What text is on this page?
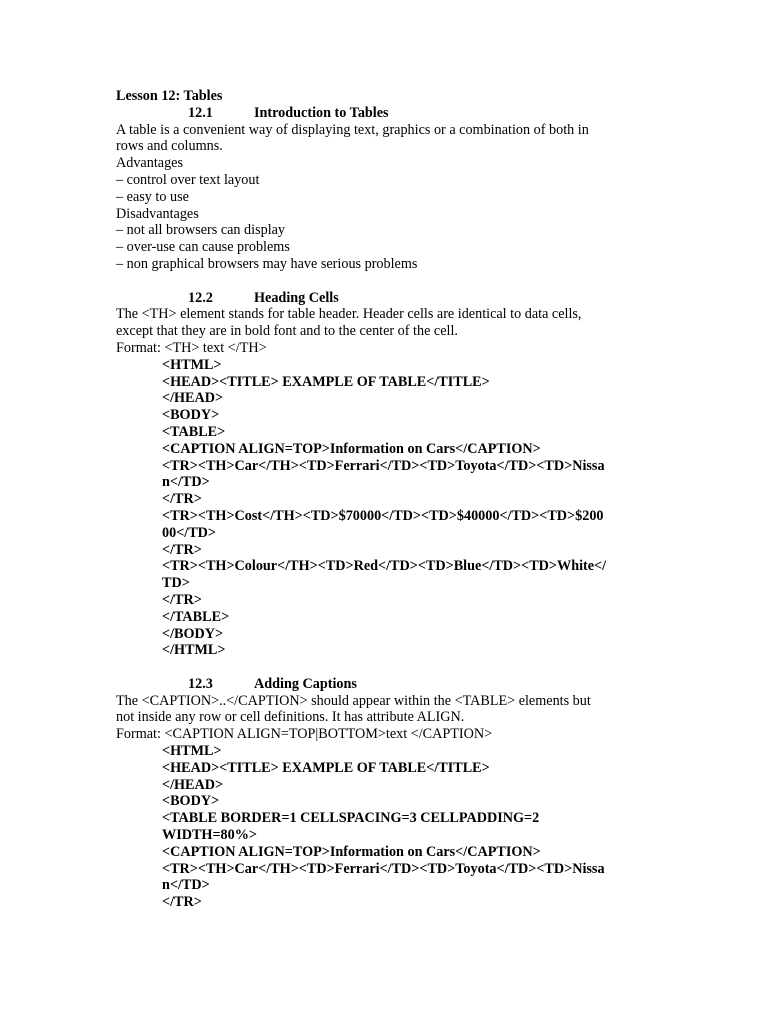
Lesson 12: Tables
12.1	Introduction to Tables
A table is a convenient way of displaying text, graphics or a combination of both in
rows and columns.
Advantages
– control over text layout
– easy to use
Disadvantages
– not all browsers can display
– over-use can cause problems
– non graphical browsers may have serious problems
12.2	Heading Cells
The <TH> element stands for table header. Header cells are identical to data cells,
except that they are in bold font and to the center of the cell.
Format: <TH> text </TH>
<HTML>
<HEAD><TITLE> EXAMPLE OF TABLE</TITLE>
</HEAD>
<BODY>
<TABLE>
<CAPTION ALIGN=TOP>Information on Cars</CAPTION>
<TR><TH>Car</TH><TD>Ferrari</TD><TD>Toyota</TD><TD>Nissa
n</TD>
</TR>
<TR><TH>Cost</TH><TD>$70000</TD><TD>$40000</TD><TD>$200
00</TD>
</TR>
<TR><TH>Colour</TH><TD>Red</TD><TD>Blue</TD><TD>White</
TD>
</TR>
</TABLE>
</BODY>
</HTML>
12.3	Adding Captions
The <CAPTION>..</CAPTION> should appear within the <TABLE> elements but
not inside any row or cell definitions. It has attribute ALIGN.
Format: <CAPTION ALIGN=TOP|BOTTOM>text </CAPTION>
<HTML>
<HEAD><TITLE> EXAMPLE OF TABLE</TITLE>
</HEAD>
<BODY>
<TABLE BORDER=1 CELLSPACING=3 CELLPADDING=2
WIDTH=80%>
<CAPTION ALIGN=TOP>Information on Cars</CAPTION>
<TR><TH>Car</TH><TD>Ferrari</TD><TD>Toyota</TD><TD>Nissa
n</TD>
</TR>
